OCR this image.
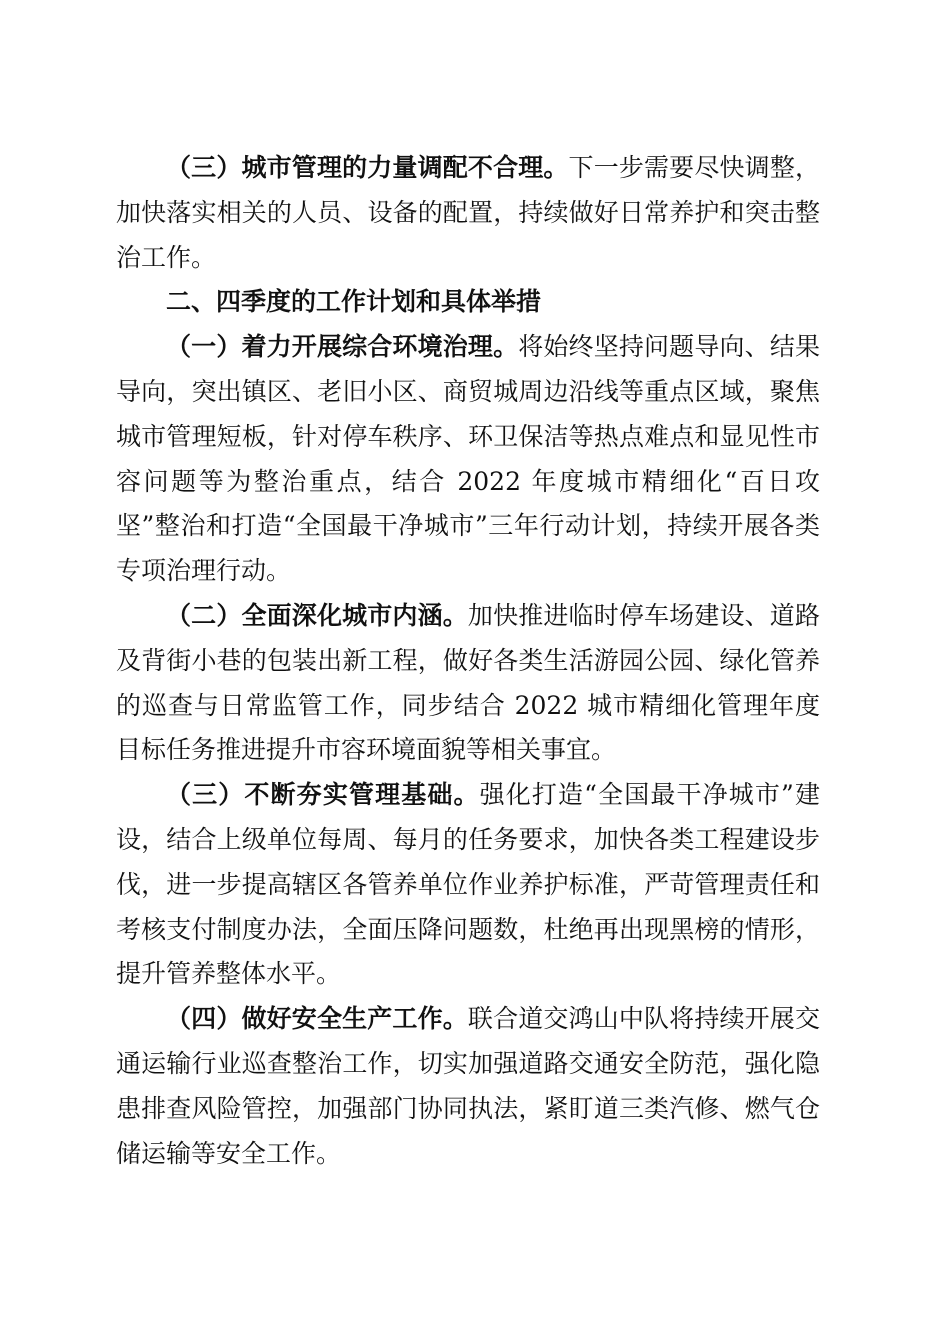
（三）城市管理的力量调配不合理。下一步需要尽快调整，加快落实相关的人员、设备的配置，持续做好日常养护和突击整治工作。

二、四季度的工作计划和具体举措

（一）着力开展综合环境治理。将始终坚持问题导向、结果导向，突出镇区、老旧小区、商贸城周边沿线等重点区域，聚焦城市管理短板，针对停车秩序、环卫保洁等热点难点和显见性市容问题等为整治重点，结合 2022 年度城市精细化“百日攻坚”整治和打造“全国最干净城市”三年行动计划，持续开展各类专项治理行动。

（二）全面深化城市内涵。加快推进临时停车场建设、道路及背街小巷的包装出新工程，做好各类生活游园公园、绿化管养的巡查与日常监管工作，同步结合 2022 城市精细化管理年度目标任务推进提升市容环境面貌等相关事宜。

（三）不断夯实管理基础。强化打造“全国最干净城市”建设，结合上级单位每周、每月的任务要求，加快各类工程建设步伐，进一步提高辖区各管养单位作业养护标准，严苛管理责任和考核支付制度办法，全面压降问题数，杜绝再出现黑榜的情形，提升管养整体水平。

（四）做好安全生产工作。联合道交鸿山中队将持续开展交通运输行业巡查整治工作，切实加强道路交通安全防范，强化隐患排查风险管控，加强部门协同执法，紧盯道三类汽修、燃气仓储运输等安全工作。
